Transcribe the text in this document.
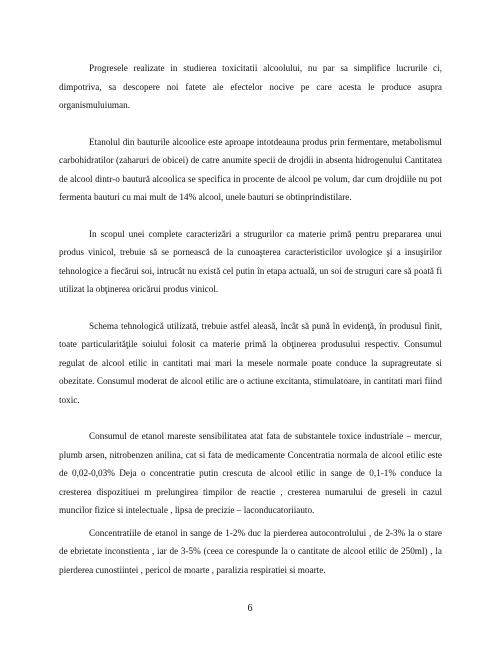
Progresele realizate in studierea toxicitatii alcoolului, nu par sa simplifice lucrurile ci, dimpotriva, sa descopere noi fatete ale efectelor nocive pe care acesta le produce asupra organismuluiuman.

Etanolul din bauturile alcoolice este aproape intotdeauna produs prin fermentare, metabolismul carbohidratilor (zaharuri de obicei) de catre anumite specii de drojdii in absenta hidrogenului Cantitatea de alcool dintr-o bautură alcoolica se specifica in procente de alcool pe volum, dar cum drojdiile nu pot fermenta bauturi cu mai mult de 14% alcool, unele bauturi se obtinprindistilare.

In scopul unei complete caracterizări a strugurilor ca materie primă pentru prepararea unui produs vinicol, trebuie să se pornească de la cunoaşterea caracteristicilor uvologice şi a insuşirilor tehnologice a fiecărui soi, intrucât nu există cel putin în etapa actuală, un soi de struguri care să poată fi utilizat la obţinerea oricărui produs vinicol.

Schema tehnologică utilizată, trebuie astfel aleasă, încât să pună în evidenţă, în produsul finit, toate particularităţile soiului folosit ca materie primă la obţinerea produsului respectiv. Consumul regulat de alcool etilic in cantitati mai mari la mesele normale poate conduce la supragreutate si obezitate. Consumul moderat de alcool etilic are o actiune excitanta, stimulatoare, in cantitati mari fiind toxic.

Consumul de etanol mareste sensibilitatea atat fata de substantele toxice industriale – mercur, plumb arsen, nitrobenzen anilina, cat si fata de medicamente Concentratia normala de alcool etilic este de 0,02-0,03% Deja o concentratie putin crescuta de alcool etilic in sange de 0,1-1% conduce la cresterea dispozitiuei m prelungirea timpilor de reactie , cresterea numarului de greseli in cazul muncilor fizice si intelectuale , lipsa de precizie – laconducatoriiauto.

Concentratiile de etanol in sange de 1-2% duc la pierderea autocontrolului , de 2-3% la o stare de ebrietate inconstienta , iar de 3-5% (ceea ce corespunde la o cantitate de alcool etilic de 250ml) , la pierderea cunostiintei , pericol de moarte , paralizia respiratiei si moarte.

6
